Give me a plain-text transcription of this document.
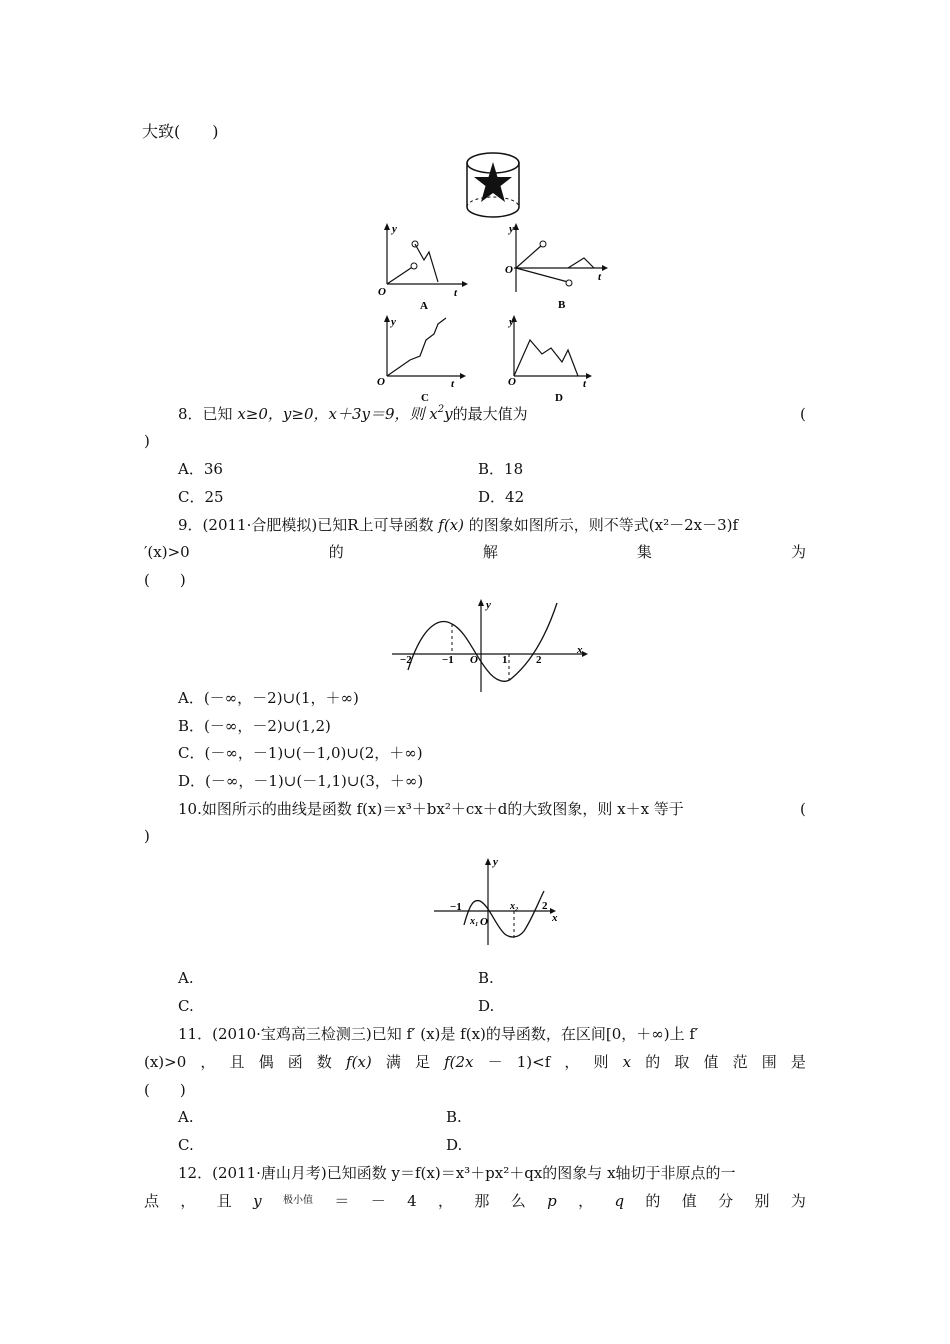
大致(　　)
y
t
O
A
y
t
O
B
y
t
O
C
y
t
O
D
8．已知 x≥0，y≥0，x＋3y＝9，则 $x^2y$的最大值为	(
)
A．36	B．18
C．25	D．42
9．(2011·合肥模拟)已知R上可导函数 f(x) 的图象如图所示，则不等式(x²－2x－3)f
′(x)>0	的	解	集	为
(　　)
−2	−1 O 1	2
x
y
A．(－∞，－2)∪(1，＋∞)
B．(－∞，－2)∪(1,2)
C．(－∞，－1)∪(－1,0)∪(2，＋∞)
D．(－∞，－1)∪(－1,1)∪(3，＋∞)
10.如图所示的曲线是函数 f(x)＝x³＋bx²＋cx＋d的大致图象，则 x＋x 等于	(
)
−1
x₁ O
x₂ 2
x
y
A.	B.
C.	D.
11．(2010·宝鸡高三检测三)已知 f′ (x)是 f(x)的导函数，在区间[0，＋∞)上 f′
(x)>0 ， 且 偶 函 数 f(x) 满 足 f(2x － 1)<f ， 则 x 的 取 值 范 围 是
(　　)
A.	B.
C.	D.
12．(2011·唐山月考)已知函数 y＝f(x)＝x³＋px²＋qx的图象与 x轴切于非原点的一
点 ， 且 y 极小值 ＝ － 4 ， 那 么 p ， q 的 值 分 别 为
